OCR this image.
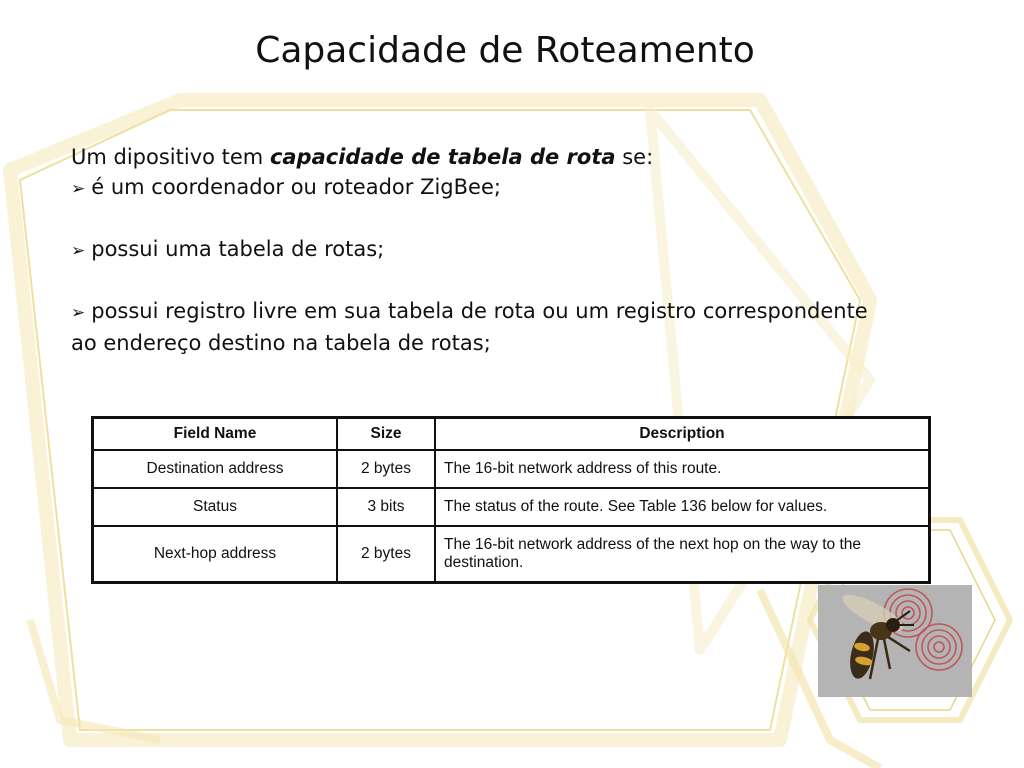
Capacidade de Roteamento

Um dipositivo tem capacidade de tabela de rota se:

➢ é um coordenador ou roteador ZigBee;

➢ possui uma tabela de rotas;

➢ possui registro livre em sua tabela de rota ou um registro correspondente ao endereço destino na tabela de rotas;

Field Name	Size	Description
Destination address	2 bytes	The 16-bit network address of this route.
Status	3 bits	The status of the route. See Table 136 below for values.
Next-hop address	2 bytes	The 16-bit network address of the next hop on the way to the destination.
